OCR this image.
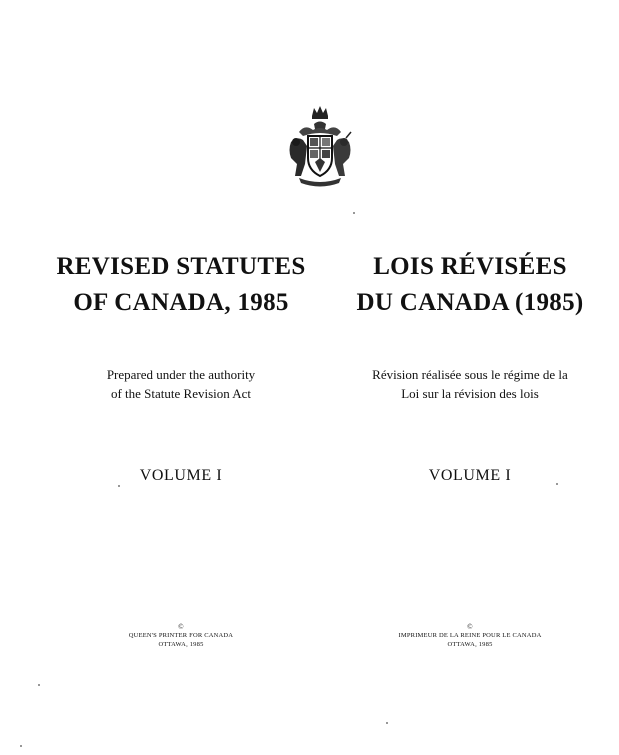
REVISED STATUTES
OF CANADA, 1985
Prepared under the authority
of the Statute Revision Act
VOLUME I
©
QUEEN'S PRINTER FOR CANADA
OTTAWA, 1985
LOIS RÉVISÉES
DU CANADA (1985)
Révision réalisée sous le régime de la
Loi sur la révision des lois
VOLUME I
©
IMPRIMEUR DE LA REINE POUR LE CANADA
OTTAWA, 1985
